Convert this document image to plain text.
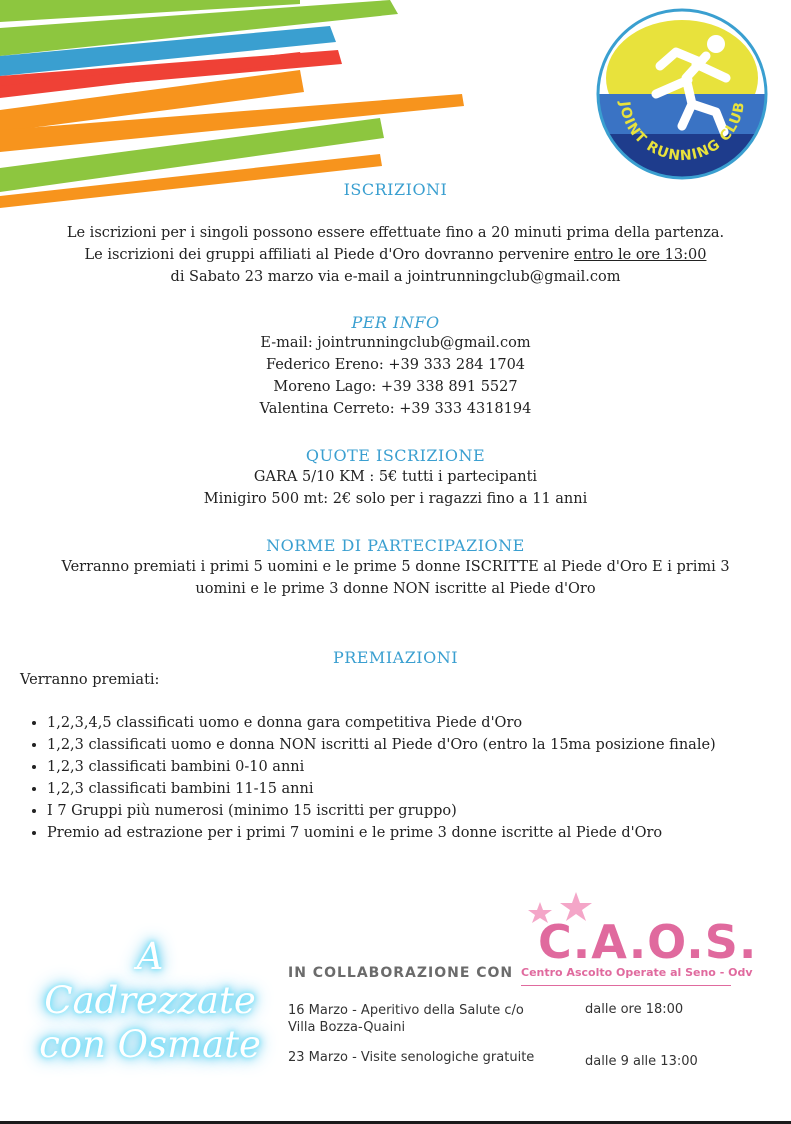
JOINT RUNNING CLUB
ISCRIZIONI
Le iscrizioni per i singoli possono essere effettuate fino a 20 minuti prima della partenza.
Le iscrizioni dei gruppi affiliati al Piede d'Oro dovranno pervenire entro le ore 13:00
di Sabato 23 marzo via e-mail a jointrunningclub@gmail.com
PER INFO
E-mail: jointrunningclub@gmail.com
Federico Ereno: +39 333 284 1704
Moreno Lago: +39 338 891 5527
Valentina Cerreto: +39 333 4318194
QUOTE ISCRIZIONE
GARA 5/10 KM : 5€ tutti i partecipanti
Minigiro 500 mt: 2€ solo per i ragazzi fino a 11 anni
NORME DI PARTECIPAZIONE
Verranno premiati i primi 5 uomini e le prime 5 donne ISCRITTE al Piede d'Oro E i primi 3
uomini e le prime 3 donne NON iscritte al Piede d'Oro
PREMIAZIONI
Verranno premiati:
• 1,2,3,4,5 classificati uomo e donna gara competitiva Piede d'Oro
• 1,2,3 classificati uomo e donna NON iscritti al Piede d'Oro (entro la 15ma posizione finale)
• 1,2,3 classificati bambini 0-10 anni
• 1,2,3 classificati bambini 11-15 anni
• I 7 Gruppi più numerosi (minimo 15 iscritti per gruppo)
• Premio ad estrazione per i primi 7 uomini e le prime 3 donne iscritte al Piede d'Oro
A
Cadrezzate
con Osmate
IN COLLABORAZIONE CON
C.A.O.S.
Centro Ascolto Operate al Seno - Odv
16 Marzo - Aperitivo della Salute c/o
Villa Bozza-Quaini
dalle ore 18:00
23 Marzo - Visite senologiche gratuite	dalle 9 alle 13:00
